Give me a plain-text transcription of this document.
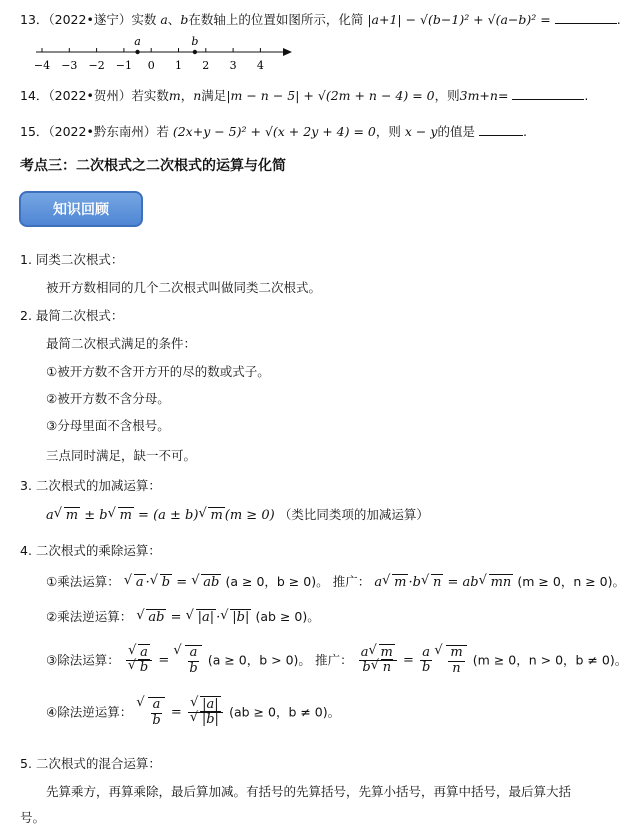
13．（2022•遂宁）实数 a、b在数轴上的位置如图所示，化简 |a+1| − √(b−1)² + √(a−b)² =	.
−4 −3 −2 −1 0 1 2 3 4
a	b
14．（2022•贺州）若实数m，n满足|m − n − 5| + √(2m + n − 4) = 0，则3m+n=	.
15．（2022•黔东南州）若 (2x+y − 5)² + √(x + 2y + 4) = 0，则 x − y的值是	.
考点三：二次根式之二次根式的运算与化简
知识回顾
1. 同类二次根式：
被开方数相同的几个二次根式叫做同类二次根式。
2. 最简二次根式：
最简二次根式满足的条件：
①被开方数不含开方开的尽的数或式子。
②被开方数不含分母。
③分母里面不含根号。
三点同时满足，缺一不可。
3. 二次根式的加减运算：
a √ m ± b √ m = (a ± b) √ m (m ≥ 0) （类比同类项的加减运算）
4. 二次根式的乘除运算：
①乘法运算： √ a · √ b = √ ab (a ≥ 0，b ≥ 0)。 推广： a √ m ·b √ n = ab √ mn (m ≥ 0，n ≥ 0)。
②乘法逆运算： √ ab = √ |a| · √ |b| (ab ≥ 0)。
③除法运算： √ a
√ b = √ $\frac{a}{b} (a \ge 0$，b > 0)。 推广： $\frac{a √ m}{b √ n} = \frac{a}{b}$ √ $\frac{m}{n} (m \ge 0$，n > 0，b ≠ 0)。
④除法逆运算： √ $\frac{a}{b}$ = √ |a|
√ |b| (ab ≥ 0，b ≠ 0)。
5. 二次根式的混合运算：
先算乘方，再算乘除，最后算加减。有括号的先算括号，先算小括号，再算中括号，最后算大括
号。
